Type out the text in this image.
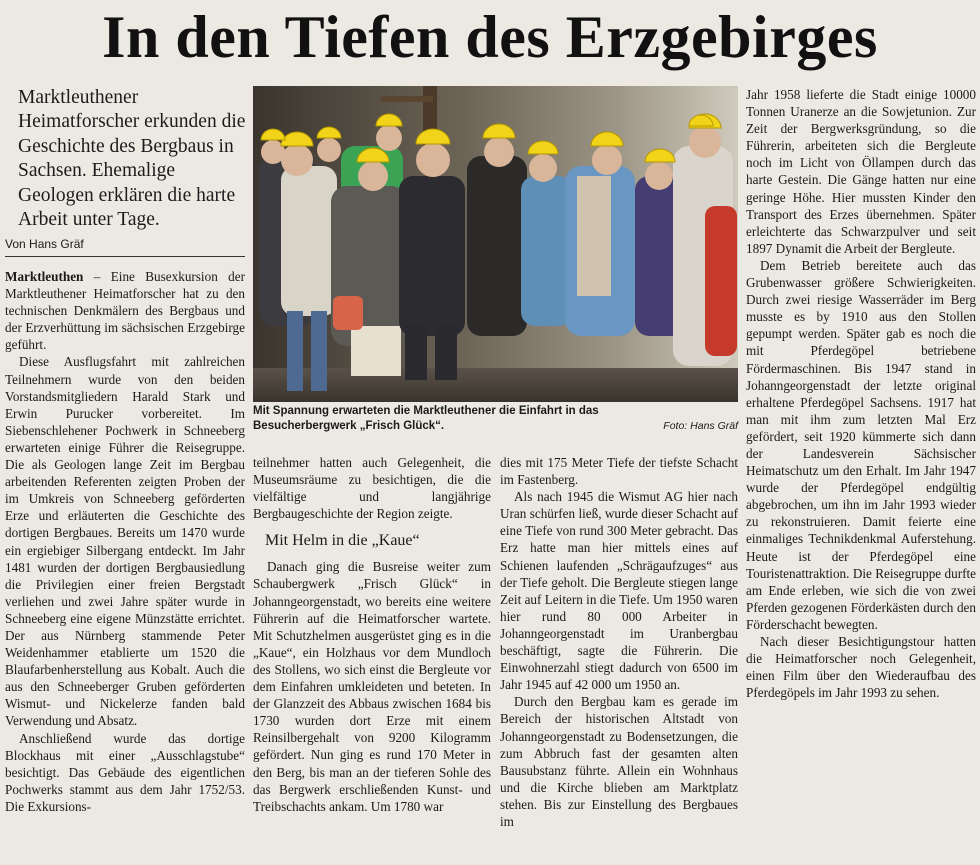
In den Tiefen des Erzgebirges
Marktleuthener Heimatforscher erkunden die Geschichte des Bergbaus in Sachsen. Ehemalige Geologen erklären die harte Arbeit unter Tage.
Von Hans Gräf

Marktleuthen – Eine Busexkursion der Marktleuthener Heimatforscher hat zu den technischen Denkmälern des Bergbaus und der Erzverhüttung im sächsischen Erzgebirge geführt.

Diese Ausflugsfahrt mit zahlreichen Teilnehmern wurde von den beiden Vorstandsmitgliedern Harald Stark und Erwin Purucker vorbereitet. Im Siebenschlehener Pochwerk in Schneeberg erwarteten einige Führer die Reisegruppe. Die als Geologen lange Zeit im Bergbau arbeitenden Referenten zeigten Proben der im Umkreis von Schneeberg geförderten Erze und erläuterten die Geschichte des dortigen Bergbaues. Bereits um 1470 wurde ein ergiebiger Silbergang entdeckt. Im Jahr 1481 wurden der dortigen Bergbausiedlung die Privilegien einer freien Bergstadt verliehen und zwei Jahre später wurde in Schneeberg eine eigene Münzstätte errichtet. Der aus Nürnberg stammende Peter Weidenhammer etablierte um 1520 die Blaufarbenherstellung aus Kobalt. Auch die aus den Schneeberger Gruben geförderten Wismut- und Nickelerze fanden bald Verwendung und Absatz.

Anschließend wurde das dortige Blockhaus mit einer „Ausschlagstube“ besichtigt. Das Gebäude des eigentlichen Pochwerks stammt aus dem Jahr 1752/53. Die Exkursions-

Mit Spannung erwarteten die Marktleuthener die Einfahrt in das Besucherbergwerk „Frisch Glück“.	Foto: Hans Gräf

teilnehmer hatten auch Gelegenheit, die Museumsräume zu besichtigen, die die vielfältige und langjährige Bergbaugeschichte der Region zeigte.

Mit Helm in die „Kaue“

Danach ging die Busreise weiter zum Schaubergwerk „Frisch Glück“ in Johanngeorgenstadt, wo bereits eine weitere Führerin auf die Heimatforscher wartete. Mit Schutzhelmen ausgerüstet ging es in die „Kaue“, ein Holzhaus vor dem Mundloch des Stollens, wo sich einst die Bergleute vor dem Einfahren umkleideten und beteten. In der Glanzzeit des Abbaus zwischen 1684 bis 1730 wurden dort Erze mit einem Reinsilbergehalt von 9200 Kilogramm gefördert. Nun ging es rund 170 Meter in den Berg, bis man an der tieferen Sohle des das Bergwerk erschließenden Kunst- und Treibschachts ankam. Um 1780 war

dies mit 175 Meter Tiefe der tiefste Schacht im Fastenberg.

Als nach 1945 die Wismut AG hier nach Uran schürfen ließ, wurde dieser Schacht auf eine Tiefe von rund 300 Meter gebracht. Das Erz hatte man hier mittels eines auf Schienen laufenden „Schrägaufzuges“ aus der Tiefe geholt. Die Bergleute stiegen lange Zeit auf Leitern in die Tiefe. Um 1950 waren hier rund 80 000 Arbeiter in Johanngeorgenstadt im Uranbergbau beschäftigt, sagte die Führerin. Die Einwohnerzahl stiegt dadurch von 6500 im Jahr 1945 auf 42 000 um 1950 an.

Durch den Bergbau kam es gerade im Bereich der historischen Altstadt von Johanngeorgenstadt zu Bodensetzungen, die zum Abbruch fast der gesamten alten Bausubstanz führte. Allein ein Wohnhaus und die Kirche blieben am Marktplatz stehen. Bis zur Einstellung des Bergbaues im

Jahr 1958 lieferte die Stadt einige 10000 Tonnen Uranerze an die Sowjetunion. Zur Zeit der Bergwerksgründung, so die Führerin, arbeiteten sich die Bergleute noch im Licht von Öllampen durch das harte Gestein. Die Gänge hatten nur eine geringe Höhe. Hier mussten Kinder den Transport des Erzes übernehmen. Später erleichterte das Schwarzpulver und seit 1897 Dynamit die Arbeit der Bergleute.

Dem Betrieb bereitete auch das Grubenwasser größere Schwierigkeiten. Durch zwei riesige Wasserräder im Berg musste es by 1910 aus den Stollen gepumpt werden. Später gab es noch die mit Pferdegöpel betriebene Fördermaschinen. Bis 1947 stand in Johanngeorgenstadt der letzte original erhaltene Pferdegöpel Sachsens. 1917 hat man mit ihm zum letzten Mal Erz gefördert, seit 1920 kümmerte sich dann der Landesverein Sächsischer Heimatschutz um den Erhalt. Im Jahr 1947 wurde der Pferdegöpel endgültig abgebrochen, um ihn im Jahr 1993 wieder zu rekonstruieren. Damit feierte eine einmaliges Technikdenkmal Auferstehung. Heute ist der Pferdegöpel eine Touristenattraktion. Die Reisegruppe durfte am Ende erleben, wie sich die von zwei Pferden gezogenen Förderkästen durch den Förderschacht bewegten.

Nach dieser Besichtigungstour hatten die Heimatforscher noch Gelegenheit, einen Film über den Wiederaufbau des Pferdegöpels im Jahr 1993 zu sehen.
